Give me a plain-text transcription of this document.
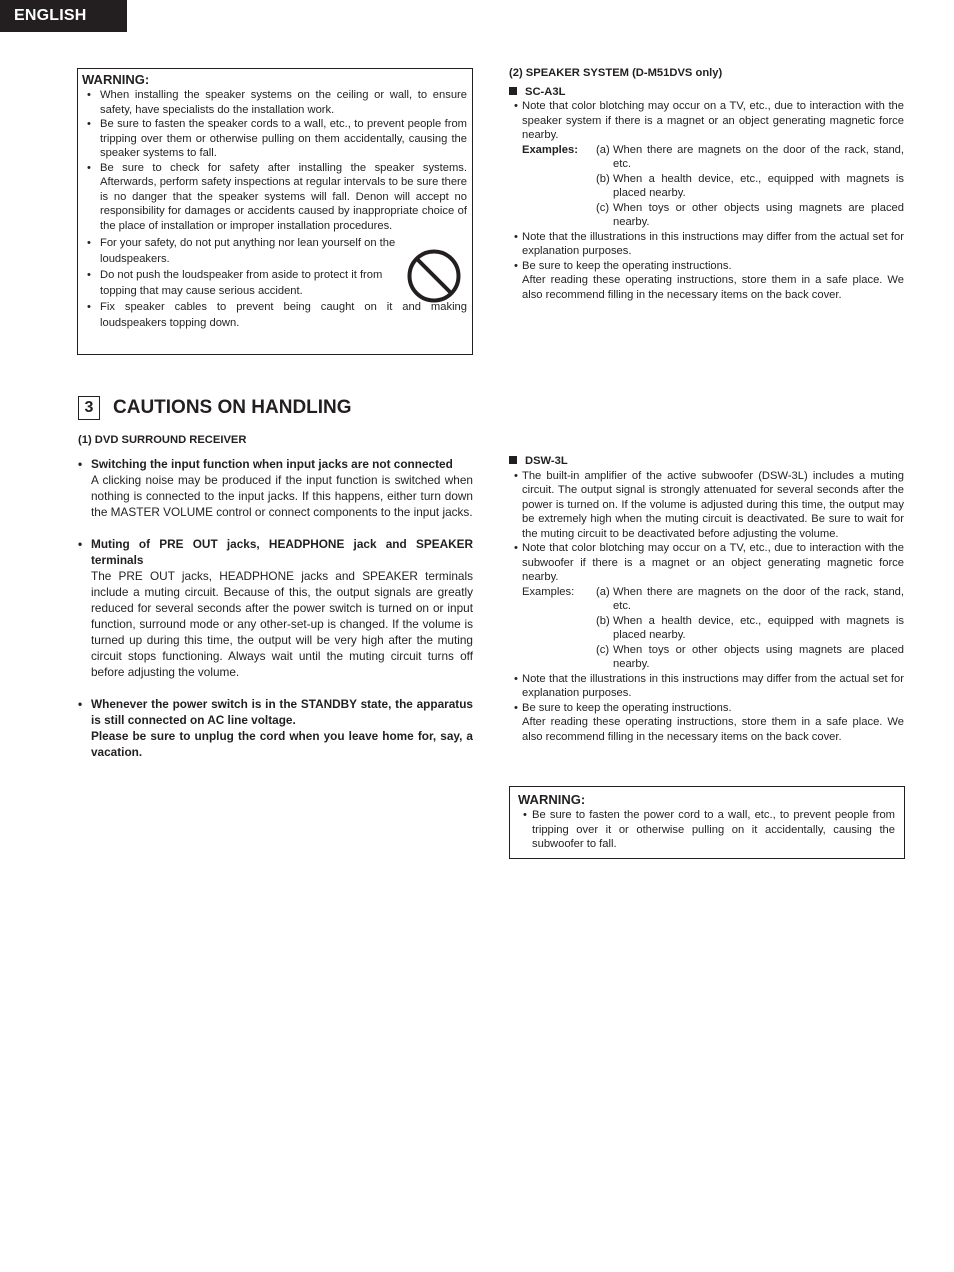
ENGLISH
WARNING:
• When installing the speaker systems on the ceiling or wall, to ensure safety, have specialists do the installation work.
• Be sure to fasten the speaker cords to a wall, etc., to prevent people from tripping over them or otherwise pulling on them accidentally, causing the speaker systems to fall.
• Be sure to check for safety after installing the speaker systems. Afterwards, perform safety inspections at regular intervals to be sure there is no danger that the speaker systems will fall. Denon will accept no responsibility for damages or accidents caused by inappropriate choice of the place of installation or improper installation procedures.
• For your safety, do not put anything nor lean yourself on the loudspeakers.
• Do not push the loudspeaker from aside to protect it from topping that may cause serious accident.
• Fix speaker cables to prevent being caught on it and making loudspeakers topping down.
(2) SPEAKER SYSTEM (D-M51DVS only)
SC-A3L
• Note that color blotching may occur on a TV, etc., due to interaction with the speaker system if there is a magnet or an object generating magnetic force nearby.
Examples:	(a) When there are magnets on the door of the rack, stand, etc.
(b) When a health device, etc., equipped with magnets is placed nearby.
(c) When toys or other objects using magnets are placed nearby.
• Note that the illustrations in this instructions may differ from the actual set for explanation purposes.
• Be sure to keep the operating instructions.
After reading these operating instructions, store them in a safe place. We also recommend filling in the necessary items on the back cover.
3	CAUTIONS ON HANDLING
(1) DVD SURROUND RECEIVER
• Switching the input function when input jacks are not connected
A clicking noise may be produced if the input function is switched when nothing is connected to the input jacks. If this happens, either turn down the MASTER VOLUME control or connect components to the input jacks.
• Muting of PRE OUT jacks, HEADPHONE jack and SPEAKER terminals
The PRE OUT jacks, HEADPHONE jacks and SPEAKER terminals include a muting circuit. Because of this, the output signals are greatly reduced for several seconds after the power switch is turned on or input function, surround mode or any other-set-up is changed. If the volume is turned up during this time, the output will be very high after the muting circuit stops functioning. Always wait until the muting circuit turns off before adjusting the volume.
• Whenever the power switch is in the STANDBY state, the apparatus is still connected on AC line voltage.
Please be sure to unplug the cord when you leave home for, say, a vacation.
DSW-3L
• The built-in amplifier of the active subwoofer (DSW-3L) includes a muting circuit. The output signal is strongly attenuated for several seconds after the power is turned on. If the volume is adjusted during this time, the output may be extremely high when the muting circuit is deactivated. Be sure to wait for the muting circuit to be deactivated before adjusting the volume.
• Note that color blotching may occur on a TV, etc., due to interaction with the subwoofer if there is a magnet or an object generating magnetic force nearby.
Examples:	(a) When there are magnets on the door of the rack, stand, etc.
(b) When a health device, etc., equipped with magnets is placed nearby.
(c) When toys or other objects using magnets are placed nearby.
• Note that the illustrations in this instructions may differ from the actual set for explanation purposes.
• Be sure to keep the operating instructions.
After reading these operating instructions, store them in a safe place. We also recommend filling in the necessary items on the back cover.
WARNING:
• Be sure to fasten the power cord to a wall, etc., to prevent people from tripping over it or otherwise pulling on it accidentally, causing the subwoofer to fall.
